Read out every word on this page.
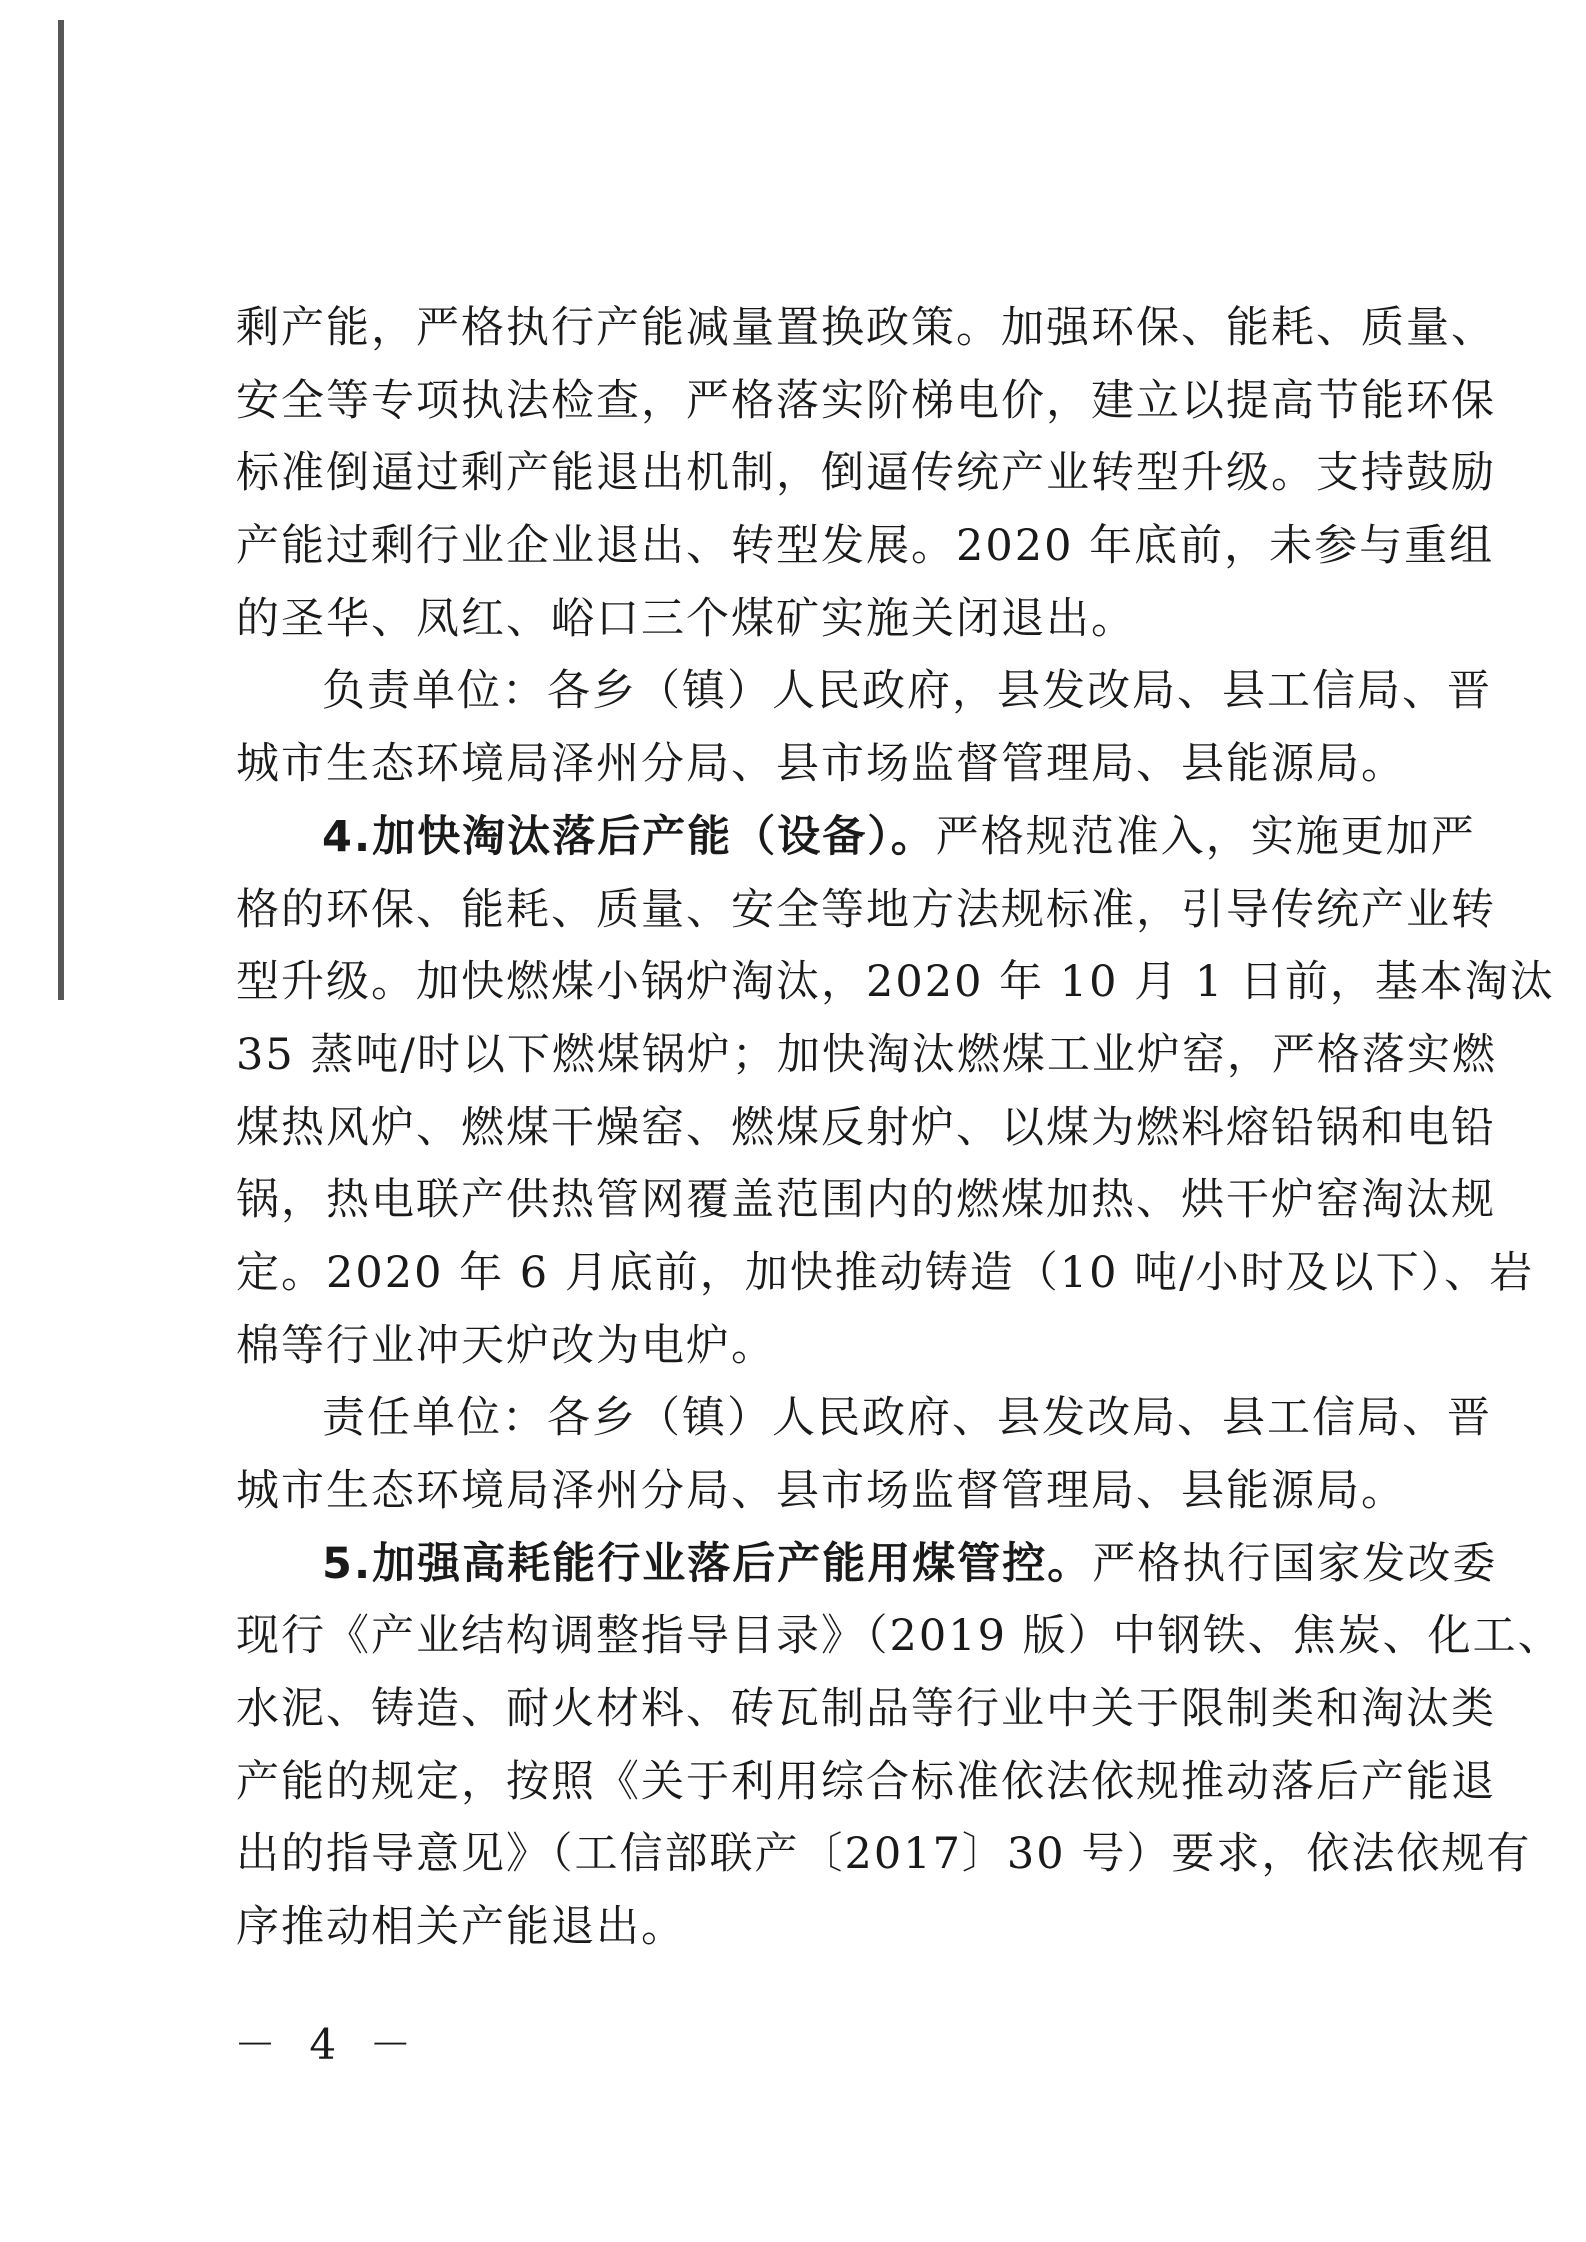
剩产能，严格执行产能减量置换政策。加强环保、能耗、质量、
安全等专项执法检查，严格落实阶梯电价，建立以提高节能环保
标准倒逼过剩产能退出机制，倒逼传统产业转型升级。支持鼓励
产能过剩行业企业退出、转型发展。2020 年底前，未参与重组
的圣华、凤红、峪口三个煤矿实施关闭退出。
负责单位：各乡（镇）人民政府，县发改局、县工信局、晋
城市生态环境局泽州分局、县市场监督管理局、县能源局。
4.加快淘汰落后产能（设备）。严格规范准入，实施更加严
格的环保、能耗、质量、安全等地方法规标准，引导传统产业转
型升级。加快燃煤小锅炉淘汰，2020 年 10 月 1 日前，基本淘汰
35 蒸吨/时以下燃煤锅炉；加快淘汰燃煤工业炉窑，严格落实燃
煤热风炉、燃煤干燥窑、燃煤反射炉、以煤为燃料熔铅锅和电铅
锅，热电联产供热管网覆盖范围内的燃煤加热、烘干炉窑淘汰规
定。2020 年 6 月底前，加快推动铸造（10 吨/小时及以下）、岩
棉等行业冲天炉改为电炉。
责任单位：各乡（镇）人民政府、县发改局、县工信局、晋
城市生态环境局泽州分局、县市场监督管理局、县能源局。
5.加强高耗能行业落后产能用煤管控。严格执行国家发改委
现行《产业结构调整指导目录》（2019 版）中钢铁、焦炭、化工、
水泥、铸造、耐火材料、砖瓦制品等行业中关于限制类和淘汰类
产能的规定，按照《关于利用综合标准依法依规推动落后产能退
出的指导意见》（工信部联产〔2017〕30 号）要求，依法依规有
序推动相关产能退出。
－ 4 －
